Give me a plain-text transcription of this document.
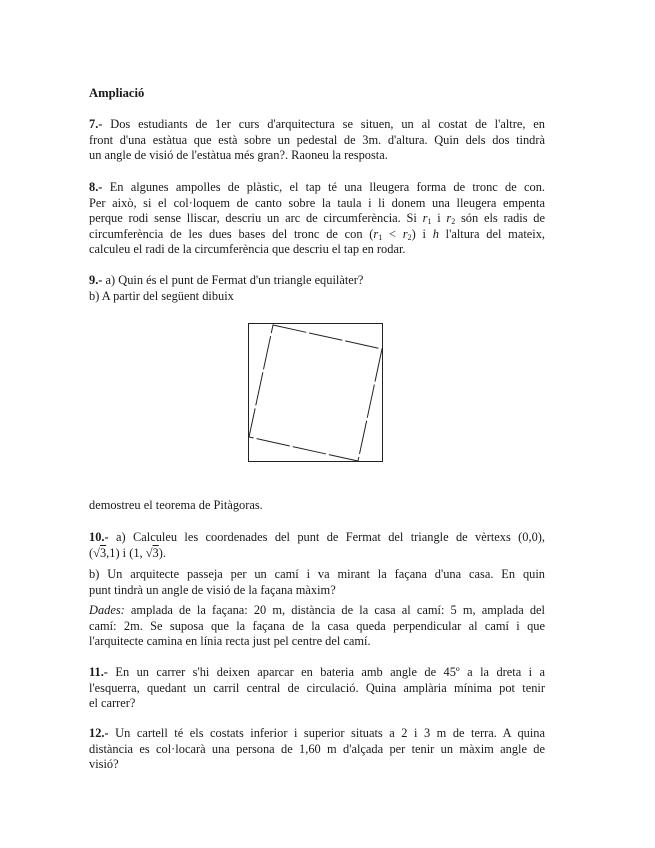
Ampliació
7.- Dos estudiants de 1er curs d'arquitectura se situen, un al costat de l'altre, en
front d'una estàtua que està sobre un pedestal de 3m. d'altura. Quin dels dos tindrà
un angle de visió de l'estàtua més gran?. Raoneu la resposta.
8.- En algunes ampolles de plàstic, el tap té una lleugera forma de tronc de con.
Per això, si el col·loquem de canto sobre la taula i li donem una lleugera empenta
perque rodi sense lliscar, descriu un arc de circumferència. Si $r_1$ i $r_2$ són els radis de
circumferència de les dues bases del tronc de con $(r_1 < r_2)$ i h l'altura del mateix,
calculeu el radi de la circumferència que descriu el tap en rodar.
9.- a) Quin és el punt de Fermat d'un triangle equilàter?
b) A partir del següent dibuix
demostreu el teorema de Pitàgoras.
10.- a) Calculeu les coordenades del punt de Fermat del triangle de vèrtexs (0,0),
(√3,1) i (1, √3).
b) Un arquitecte passeja per un camí i va mirant la façana d'una casa. En quin
punt tindrà un angle de visió de la façana màxim?
Dades: amplada de la façana: 20 m, distància de la casa al camí: 5 m, amplada del
camí: 2m. Se suposa que la façana de la casa queda perpendicular al camí i que
l'arquitecte camina en línia recta just pel centre del camí.
11.- En un carrer s'hi deixen aparcar en bateria amb angle de 45º a la dreta i a
l'esquerra, quedant un carril central de circulació. Quina amplària mínima pot tenir
el carrer?
12.- Un cartell té els costats inferior i superior situats a 2 i 3 m de terra. A quina
distància es col·locarà una persona de 1,60 m d'alçada per tenir un màxim angle de
visió?
